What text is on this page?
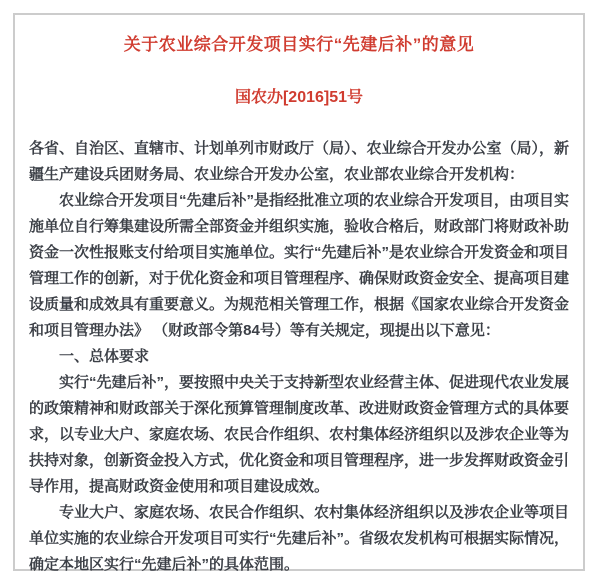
关于农业综合开发项目实行“先建后补”的意见
国农办[2016]51号

各省、自治区、直辖市、计划单列市财政厅（局）、农业综合开发办公室（局），新疆生产建设兵团财务局、农业综合开发办公室，农业部农业综合开发机构：

农业综合开发项目“先建后补”是指经批准立项的农业综合开发项目，由项目实施单位自行筹集建设所需全部资金并组织实施，验收合格后，财政部门将财政补助资金一次性报账支付给项目实施单位。实行“先建后补”是农业综合开发资金和项目管理工作的创新，对于优化资金和项目管理程序、确保财政资金安全、提高项目建设质量和成效具有重要意义。为规范相关管理工作，根据《国家农业综合开发资金和项目管理办法》 （财政部令第84号）等有关规定，现提出以下意见：

一、总体要求

实行“先建后补”，要按照中央关于支持新型农业经营主体、促进现代农业发展的政策精神和财政部关于深化预算管理制度改革、改进财政资金管理方式的具体要求，以专业大户、家庭农场、农民合作组织、农村集体经济组织以及涉农企业等为扶持对象，创新资金投入方式，优化资金和项目管理程序，进一步发挥财政资金引导作用，提高财政资金使用和项目建设成效。

专业大户、家庭农场、农民合作组织、农村集体经济组织以及涉农企业等项目单位实施的农业综合开发项目可实行“先建后补”。省级农发机构可根据实际情况，确定本地区实行“先建后补”的具体范围。
